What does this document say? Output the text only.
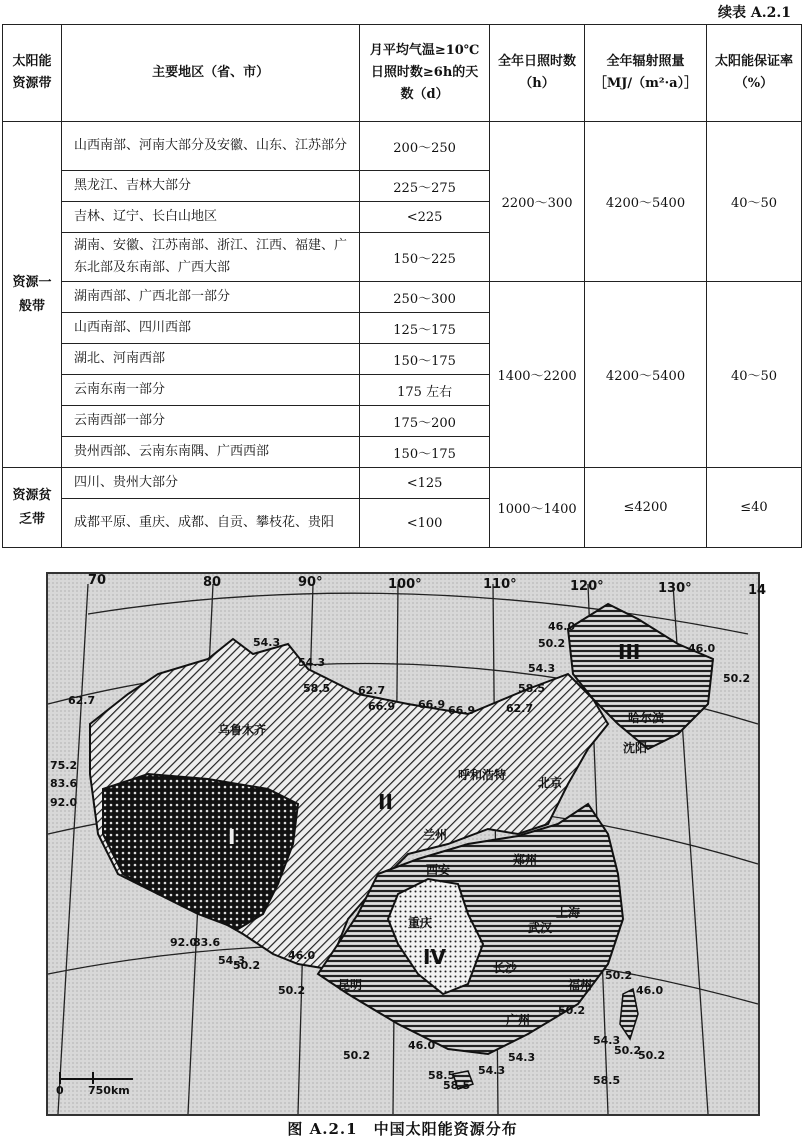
续表 A.2.1
太阳能资源带	主要地区（省、市）	月平均气温≥10℃日照时数≥6h的天数（d）	全年日照时数（h）	全年辐射照量［MJ/（m²·a）］	太阳能保证率（%）
资源一般带	山西南部、河南大部分及安徽、山东、江苏部分	200～250	2200～300	4200～5400	40～50
	黑龙江、吉林大部分	225～275			
	吉林、辽宁、长白山地区	<225			
	湖南、安徽、江苏南部、浙江、江西、福建、广东北部及东南部、广西大部	150～225			
	湖南西部、广西北部一部分	250～300	1400～2200	4200～5400	40～50
	山西南部、四川西部	125～175			
	湖北、河南西部	150～175			
	云南东南一部分	175 左右			
	云南西部一部分	175～200			
	贵州西部、云南东南隅、广西西部	150～175			
资源贫乏带	四川、贵州大部分	<125	1000～1400	≤4200	≤40
	成都平原、重庆、成都、自贡、攀枝花、贵阳	<100			
70	80	90°	100°	110°	120°	130°	14
I
II
III
IV
乌鲁木齐
呼和浩特
北京
哈尔滨
沈阳
兰州
西安
郑州
上海
武汉
重庆
长沙
福州
广州
昆明
54.3
54.3
58.5	62.7
66.9
66.9	66.9	62.7
58.5
54.3
50.2
46.0
46.0
50.2
62.7
75.2
83.6
92.0
92.0
83.6
54.3
50.2
46.0
50.2
50.2	54.3
50.2
46.0
50.2
54.3
58.5
50.2
46.0
54.3
58.5
50.2
58.5
0 750km
图 A.2.1　中国太阳能资源分布
